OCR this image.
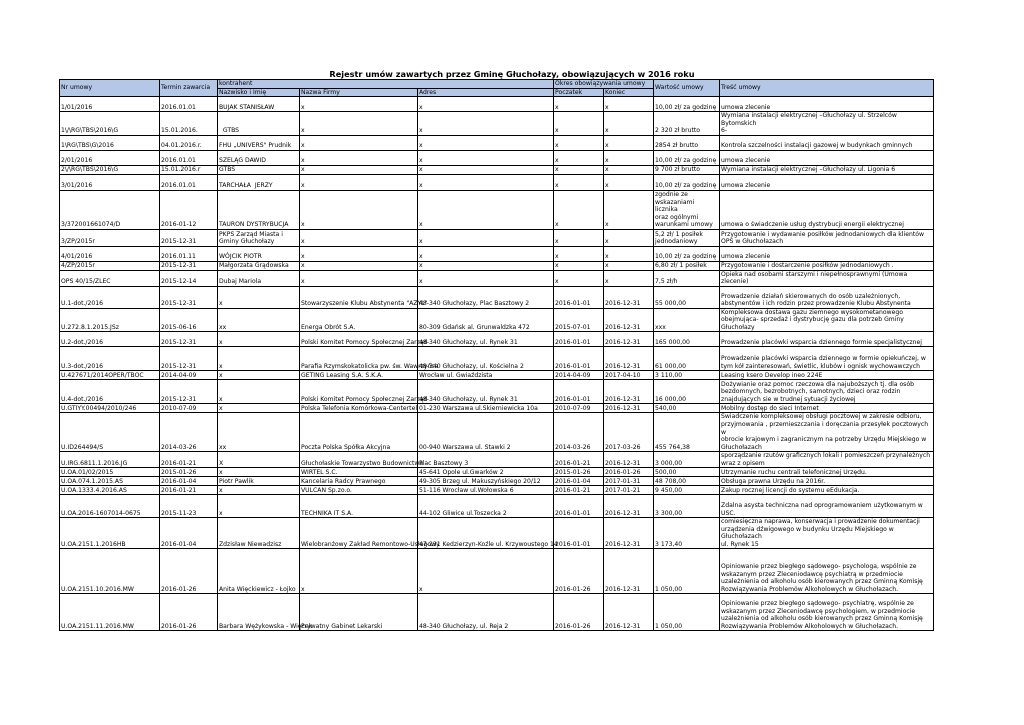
Rejestr umów zawartych przez Gminę Głuchołazy, obowiązujących w 2016 roku
Nr umowy	Termin zawarcia	kontrahent			Okres obowiązywania umowy		Wartość umowy	Treść umowy
		Nazwisko i Imię	Nazwa Firmy	Adres	Poczatek	Koniec		
1/01/2016	2016.01.01	BUJAK STANISŁAW	x	x	x	x	10,00 zł/ za godzinę	umowa zlecenie
1\/\RG\TBS\2016\G	15.01.2016.	GTBS	x	x	x	x	2 320 zł brutto	Wymiana instalacji elektrycznej –Głuchołazy ul. Strzelców Bytomskich
6-
1\RG\TBS\G\2016	04.01.2016.r.	FHU „UNIVERS" Prudnik	x	x	x	x	2854 zł brutto	Kontrola szczelności instalacji gazowej w budynkach gminnych
2/01/2016	2016.01.01	SZELĄG DAWID	x	x	x	x	10,00 zł/ za godzinę	umowa zlecenie
2\/\RG\TBS\2016\G	15.01.2016.r	GTBS	x	x	x	x	9 700 zł brutto	Wymiana instalacji elektrycznej –Głuchołazy ul. Ligonia 6
3/01/2016	2016.01.01	TARCHAŁA  JERZY	x	x	x	x	10,00 zł/ za godzinę	umowa zlecenie
3/372001661074/D	2016-01-12	TAURON DYSTRYBUCJA	x	x	x	x	zgodnie ze
wskazaniami licznika
oraz ogólnymi
warunkami umowy	umowa o świadczenie usług dystrybucji energii elektrycznej
3/ZP/2015r	2015-12-31	PKPS Zarząd Miasta i
Gminy Głuchołazy	x	x	x	x	5,2 zł/ 1 posiłek
jednodaniowy	Przygotowanie i wydawanie posiłków jednodaniowych dla klientów
OPS w Głuchołazach
4/01/2016	2016.01.11	WÓJCIK PIOTR	x	x	x	x	10,00 zł/ za godzinę	umowa zlecenie
4/ZP/2015r	2015-12-31	Małgorzata Grądowska	x	x	x	x	6,80 zł/ 1 posiłek	Przygotowanie i dostarczenie posiłków jednodaniowych .
OPS 40/15/ZLEC	2015-12-14	Dubaj Mariola	x	x	x	x	7,5 zł/h	Opieka nad osobami starszymi i niepełnosprawnymi (Umowa zlecenie)
U.1-dot./2016	2015-12-31	x	Stowarzyszenie Klubu Abstynenta "AZYL"	48-340 Głuchołazy, Plac Basztowy 2	2016-01-01	2016-12-31	55 000,00	Prowadzenie działań skierowanych do osób uzależnionych,
abstynentów i ich rodzin przez prowadzenie Klubu Abstynenta
U.272.8.1.2015.JSz	2015-06-16	xx	Energa Obrót S.A.	80-309 Gdańsk al. Grunwaldzka 472	2015-07-01	2016-12-31	xxx	Kompleksowa dostawa gazu ziemnego wysokometanowego
obejmująca- sprzedaż i dystrybucję gazu dla potrzeb Gminy Głuchołazy
U.2-dot./2016	2015-12-31	x	Polski Komitet Pomocy Społecznej Zarząd	48-340 Głuchołazy, ul. Rynek 31	2016-01-01	2016-12-31	165 000,00	Prowadzenie placówki wsparcia dziennego formie specjalistycznej
U.3-dot./2016	2015-12-31	x	Parafia Rzymskokatolicka pw. św. Wawrzyńca	48-340 Głuchołazy, ul. Kościelna 2	2016-01-01	2016-12-31	61 000,00	Prowadzenie placówki wsparcia dziennego w formie opiekuńczej, w
tym kół zainteresowań, świetlic, klubów i ognisk wychowawczych
U.427671/2014OPER/TBOC	2014-04-09	x	GETING Leasing S.A. S.K.A.	Wrocław ul. Gwiaździsta	2014-04-09	2017-04-10	3 110,00	Leasing ksero Develop ineo 224E
U.4-dot./2016	2015-12-31	x	Polski Komitet Pomocy Społecznej Zarząd	48-340 Głuchołazy, ul. Rynek 31	2016-01-01	2016-12-31	16 000,00	Dożywianie oraz pomoc rzeczowa dla najuboższych tj. dla osób
bezdomnych, bezrobotnych, samotnych, dzieci oraz rodzin
znajdujących sie w trudnej sytuacji życiowej
U.GTIYY.00494/2010/246	2010-07-09	x	Polska Telefonia Komórkowa-Centertel	01-230 Warszawa ul.Skierniewicka 10a	2010-07-09	2016-12-31	540,00	Mobilny dostęp do sieci Internet
U.ID264494/S	2014-03-26	xx	Poczta Polska Spółka Akcyjna	00-940 Warszawa ul. Stawki 2	2014-03-26	2017-03-26	455 764,38	Świadczenie kompleksowej obsługi pocztowej w zakresie odbioru,
przyjmowania , przemieszczania i doręczania przesyłek pocztowych w
obrocie krajowym i zagranicznym na potrzeby Urzędu Miejskiego w
Głuchołazach
U.IRG.6811.1.2016.JG	2016-01-21	X	Głuchołaskie Towarzystwo Budownictwa	Plac Basztowy 3	2016-01-21	2016-12-31	3 000,00	sporządzanie rzutów graficznych lokali i pomieszczeń przynależnych
wraz z opisem
U.OA.01/02/2015	2015-01-26	x	WIRTEL S.C.	45-641 Opole ul.Gwarków 2	2015-01-26	2016-01-26	500,00	Utrzymanie ruchu centrali telefonicznej Urzędu.
U.OA.074.1.2015.AS	2016-01-04	Piotr Pawlik	Kancelaria Radcy Prawnego	49-305 Brzeg ul. Makuszyńskiego 20/12	2016-01-04	2017-01-31	48 708,00	Obsługa prawna Urzędu na 2016r.
U.OA.1333.4.2016.AS	2016-01-21	x	VULCAN Sp.zo.o.	51-116 Wrocław ul.Wołowska 6	2016-01-21	2017-01-21	9 450,00	Zakup rocznej licencji do systemu eEdukacja.
U.OA.2016-1607014-0675	2015-11-23	x	TECHNIKA IT S.A.	44-102 Gliwice ul.Toszecka 2	2016-01-01	2016-12-31	3 300,00	Zdalna asysta techniczna nad oprogramowaniem użytkowanym w USC.
U.OA.2151.1.2016HB	2016-01-04	Zdzisław Niewadzisz	Wielobranżowy Zakład Remontowo-Usługowy	47-231 Kedzierzyn-Koźle ul. Krzywoustego 14	2016-01-01	2016-12-31	3 173,40	comiesięczna naprawa, konserwacja i prowadzenie dokumentacji
urządzenia dźwigowego w budynku Urzędu Miejskiego w Głuchołazach
ul. Rynek 15
U.OA.2151.10.2016.MW	2016-01-26	Anita Więckiewicz - Łojko	x	x	2016-01-26	2016-12-31	1 050,00	Opiniowanie przez biegłego sądowego- psychologa, wspólnie ze
wskazanym przez Zleceniodawcę psychiatrą w przedmiocie
uzależnienia od alkoholu osób kierowanych przez Gminną Komisję
Rozwiązywania Problemów Alkoholowych w Głuchołazach.
U.OA.2151.11.2016.MW	2016-01-26	Barbara Wężykowska - Więcek	Prywatny Gabinet Lekarski	48-340 Głuchołazy, ul. Reja 2	2016-01-26	2016-12-31	1 050,00	Opiniowanie przez biegłego sądowego- psychiatrę, wspólnie ze
wskazanym przez Zleceniodawcę psychologiem, w przedmiocie
uzależnienia od alkoholu osób kierowanych przez Gminną Komisję
Rozwiązywania Problemów Alkoholowych w Głuchołazach.
